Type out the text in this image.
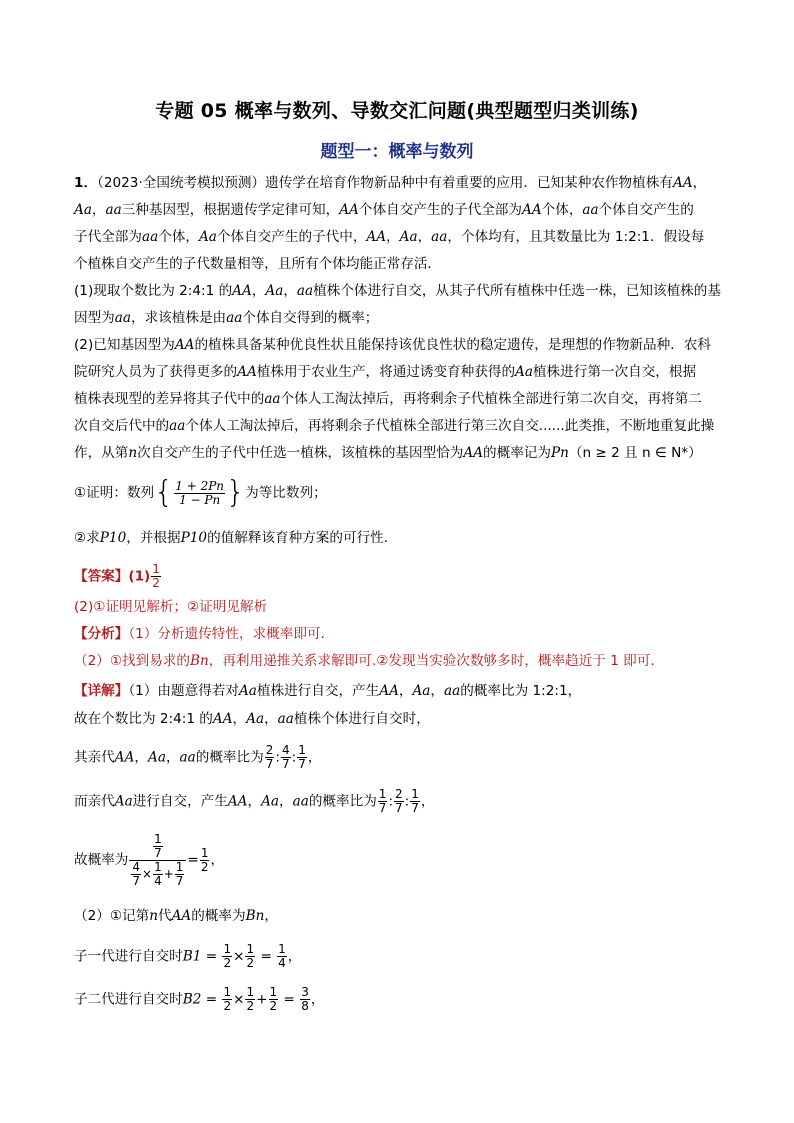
专题 05 概率与数列、导数交汇问题(典型题型归类训练)
题型一：概率与数列
1．（2023·全国统考模拟预测）遗传学在培育作物新品种中有着重要的应用．已知某种农作物植株有AA，
Aa，aa三种基因型，根据遗传学定律可知，AA个体自交产生的子代全部为AA个体，aa个体自交产生的
子代全部为aa个体，Aa个体自交产生的子代中，AA，Aa，aa，个体均有，且其数量比为 1:2:1．假设每
个植株自交产生的子代数量相等，且所有个体均能正常存活．
(1)现取个数比为 2:4:1 的AA，Aa，aa植株个体进行自交，从其子代所有植株中任选一株，已知该植株的基
因型为aa，求该植株是由aa个体自交得到的概率；
(2)已知基因型为AA的植株具备某种优良性状且能保持该优良性状的稳定遗传，是理想的作物新品种．农科
院研究人员为了获得更多的AA植株用于农业生产，将通过诱变育种获得的Aa植株进行第一次自交，根据
植株表现型的差异将其子代中的aa个体人工淘汰掉后，再将剩余子代植株全部进行第二次自交，再将第二
次自交后代中的aa个体人工淘汰掉后，再将剩余子代植株全部进行第三次自交......此类推，不断地重复此操
作，从第n次自交产生的子代中任选一植株，该植株的基因型恰为AA的概率记为Pn（n ≥ 2 且 n ∈ N*）
①证明：数列{ $\frac{1 + 2Pn}{1 - Pn}$ }为等比数列；
②求P10，并根据P10的值解释该育种方案的可行性．
【答案】$(1) \frac{1}{2}$
(2)①证明见解析；②证明见解析
【分析】（1）分析遗传特性，求概率即可.
（2）①找到易求的Bn，再利用递推关系求解即可.②发现当实验次数够多时，概率趋近于 1 即可.
【详解】（1）由题意得若对Aa植株进行自交，产生AA，Aa，aa的概率比为 1:2:1，
故在个数比为 2:4:1 的AA，Aa，aa植株个体进行自交时，
其亲代AA，Aa，aa的概率比为 $\frac{2}{7}$ : $\frac{4}{7}$ : $\frac{1}{7}$ ，
而亲代Aa进行自交，产生AA，Aa，aa的概率比为 $\frac{1}{7}$ : $\frac{2}{7}$ : $\frac{1}{7}$ ，
故概率为 $\frac{\frac{1}{7}}{\frac{4}{7} \times \frac{1}{4} + \frac{1}{7}} = \frac{1}{2}$ ，
（2）①记第n代AA的概率为Bn，
子一代进行自交时$B1 = \frac{1}{2} \times \frac{1}{2} = \frac{1}{4}$ ，
子二代进行自交时$B2 = \frac{1}{2} \times \frac{1}{2} + \frac{1}{2} = \frac{3}{8}$ ，
